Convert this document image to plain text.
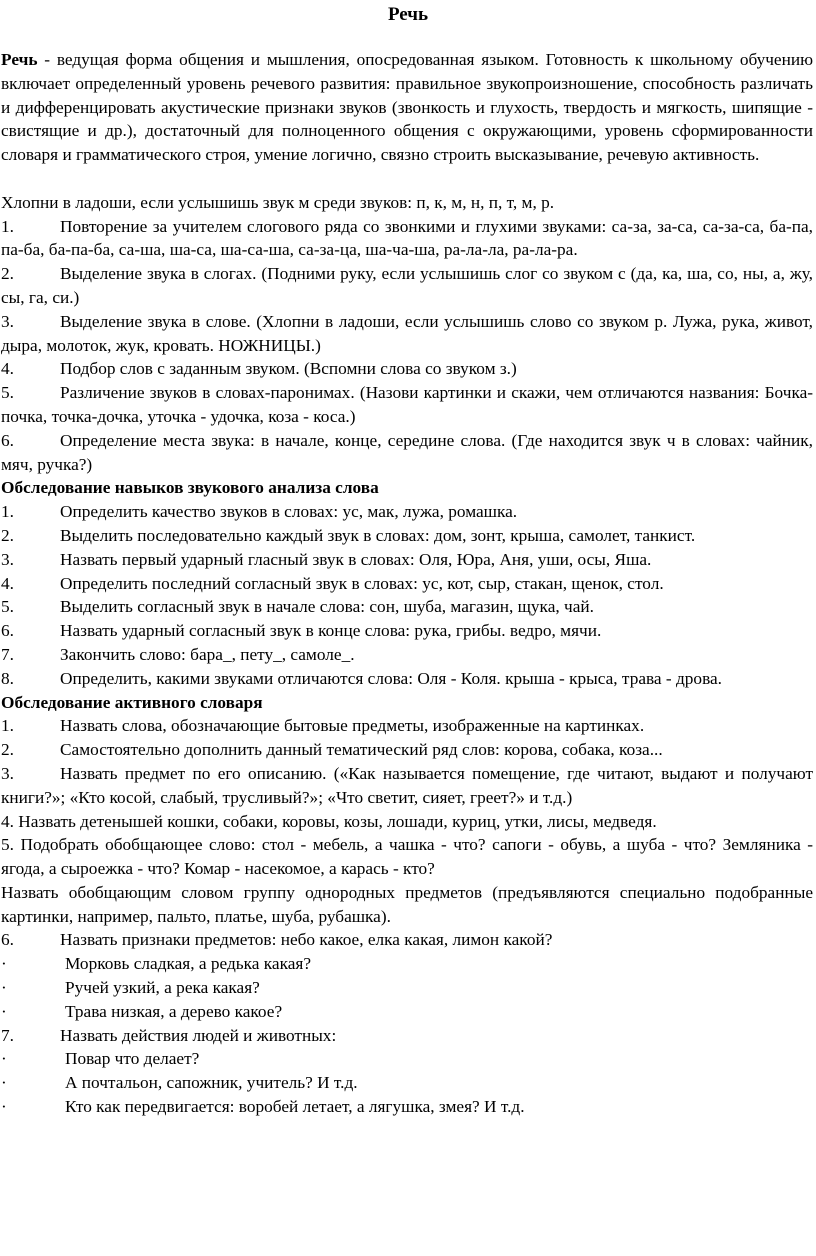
Речь

Речь - ведущая форма общения и мышления, опосредованная языком. Готовность к школьному обучению включает определенный уровень речевого развития: правильное звукопроизношение, способность различать и дифференцировать акустические признаки звуков (звонкость и глухость, твердость и мягкость, шипящие - свистящие и др.), достаточный для полноценного общения с окружающими, уровень сформированности словаря и грамматического строя, умение логично, связно строить высказывание, речевую активность.

Хлопни в ладоши, если услышишь звук м среди звуков: п, к, м, н, п, т, м, р.

1.	Повторение за учителем слогового ряда со звонкими и глухими звуками: са-за, за-са, са-за-са, ба-па, па-ба, ба-па-ба, са-ша, ша-са, ша-са-ша, са-за-ца, ша-ча-ша, ра-ла-ла, ра-ла-ра.

2.	Выделение звука в слогах. (Подними руку, если услышишь слог со звуком с (да, ка, ша, со, ны, а, жу, сы, га, си.)

3.	Выделение звука в слове. (Хлопни в ладоши, если услышишь слово со звуком р. Лужа, рука, живот, дыра, молоток, жук, кровать. НОЖНИЦЫ.)

4.	Подбор слов с заданным звуком. (Вспомни слова со звуком з.)

5.	Различение звуков в словах-паронимах. (Назови картинки и скажи, чем отличаются названия: Бочка-почка, точка-дочка, уточка - удочка, коза - коса.)

6.	Определение места звука: в начале, конце, середине слова. (Где находится звук ч в словах: чайник, мяч, ручка?)

Обследование навыков звукового анализа слова

1.	Определить качество звуков в словах: ус, мак, лужа, ромашка.

2.	Выделить последовательно каждый звук в словах: дом, зонт, крыша, самолет, танкист.

3.	Назвать первый ударный гласный звук в словах: Оля, Юра, Аня, уши, осы, Яша.

4.	Определить последний согласный звук в словах: ус, кот, сыр, стакан, щенок, стол.

5.	Выделить согласный звук в начале слова: сон, шуба, магазин, щука, чай.

6.	Назвать ударный согласный звук в конце слова: рука, грибы. ведро, мячи.

7.	Закончить слово: бара_, пету_, самоле_.

8.	Определить, какими звуками отличаются слова: Оля - Коля. крыша - крыса, трава - дрова.

Обследование активного словаря

1.	Назвать слова, обозначающие бытовые предметы, изображенные на картинках.

2.	Самостоятельно дополнить данный тематический ряд слов: корова, собака, коза...

3.	Назвать предмет по его описанию. («Как называется помещение, где читают, выдают и получают книги?»; «Кто косой, слабый, трусливый?»; «Что светит, сияет, греет?» и т.д.)

4. Назвать детенышей кошки, собаки, коровы, козы, лошади, куриц, утки, лисы, медведя.

5. Подобрать обобщающее слово: стол - мебель, а чашка - что? сапоги - обувь, а шуба - что? Земляника - ягода, а сыроежка - что? Комар - насекомое, а карась - кто?

Назвать обобщающим словом группу однородных предметов (предъявляются специально подобранные картинки, например, пальто, платье, шуба, рубашка).

6.	Назвать признаки предметов: небо какое, елка какая, лимон какой?

·	Морковь сладкая, а редька какая?

·	Ручей узкий, а река какая?

·	Трава низкая, а дерево какое?

7.	Назвать действия людей и животных:

·	Повар что делает?

·	А почтальон, сапожник, учитель? И т.д.

·	Кто как передвигается: воробей летает, а лягушка, змея? И т.д.
